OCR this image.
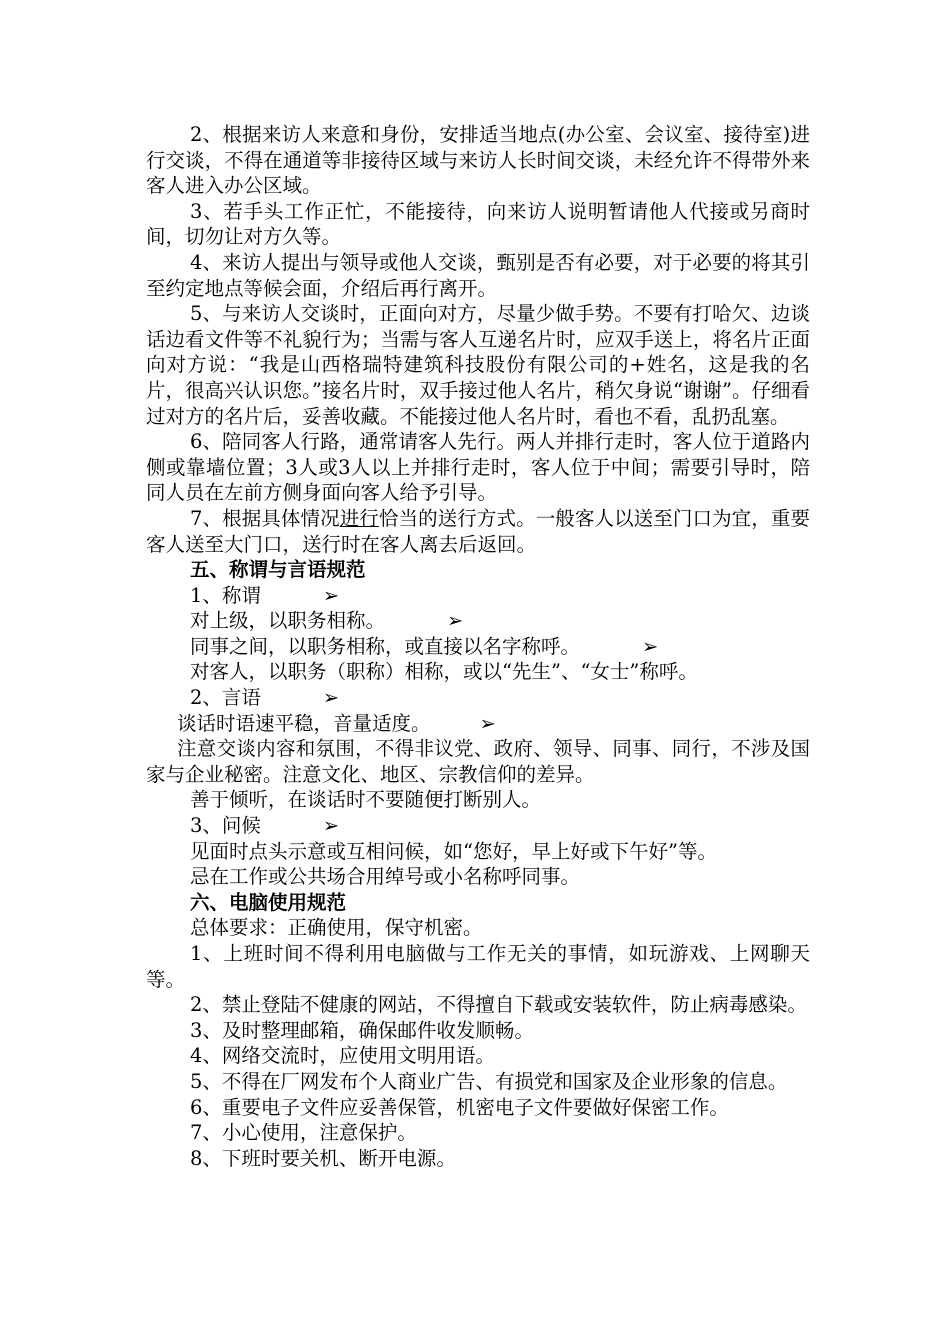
2、根据来访人来意和身份，安排适当地点(办公室、会议室、接待室)进行交谈，不得在通道等非接待区域与来访人长时间交谈，未经允许不得带外来客人进入办公区域。

3、若手头工作正忙，不能接待，向来访人说明暂请他人代接或另商时间，切勿让对方久等。

4、来访人提出与领导或他人交谈，甄别是否有必要，对于必要的将其引至约定地点等候会面，介绍后再行离开。

5、与来访人交谈时，正面向对方，尽量少做手势。不要有打哈欠、边谈话边看文件等不礼貌行为；当需与客人互递名片时，应双手送上，将名片正面向对方说：“我是山西格瑞特建筑科技股份有限公司的+姓名，这是我的名片，很高兴认识您。”接名片时，双手接过他人名片，稍欠身说“谢谢”。仔细看过对方的名片后，妥善收藏。不能接过他人名片时，看也不看，乱扔乱塞。

6、陪同客人行路，通常请客人先行。两人并排行走时，客人位于道路内侧或靠墙位置；3人或3人以上并排行走时，客人位于中间；需要引导时，陪同人员在左前方侧身面向客人给予引导。

7、根据具体情况进行恰当的送行方式。一般客人以送至门口为宜，重要客人送至大门口，送行时在客人离去后返回。

五、称谓与言语规范

1、称谓	➢

对上级，以职务相称。	➢

同事之间，以职务相称，或直接以名字称呼。	➢

对客人，以职务（职称）相称，或以“先生”、“女士”称呼。

2、言语	➢

谈话时语速平稳，音量适度。	➢

注意交谈内容和氛围，不得非议党、政府、领导、同事、同行，不涉及国家与企业秘密。注意文化、地区、宗教信仰的差异。

善于倾听，在谈话时不要随便打断别人。

3、问候	➢

见面时点头示意或互相问候，如“您好，早上好或下午好”等。

忌在工作或公共场合用绰号或小名称呼同事。

六、电脑使用规范

总体要求：正确使用，保守机密。

1、上班时间不得利用电脑做与工作无关的事情，如玩游戏、上网聊天等。

2、禁止登陆不健康的网站，不得擅自下载或安装软件，防止病毒感染。

3、及时整理邮箱，确保邮件收发顺畅。

4、网络交流时，应使用文明用语。

5、不得在厂网发布个人商业广告、有损党和国家及企业形象的信息。

6、重要电子文件应妥善保管，机密电子文件要做好保密工作。

7、小心使用，注意保护。

8、下班时要关机、断开电源。
